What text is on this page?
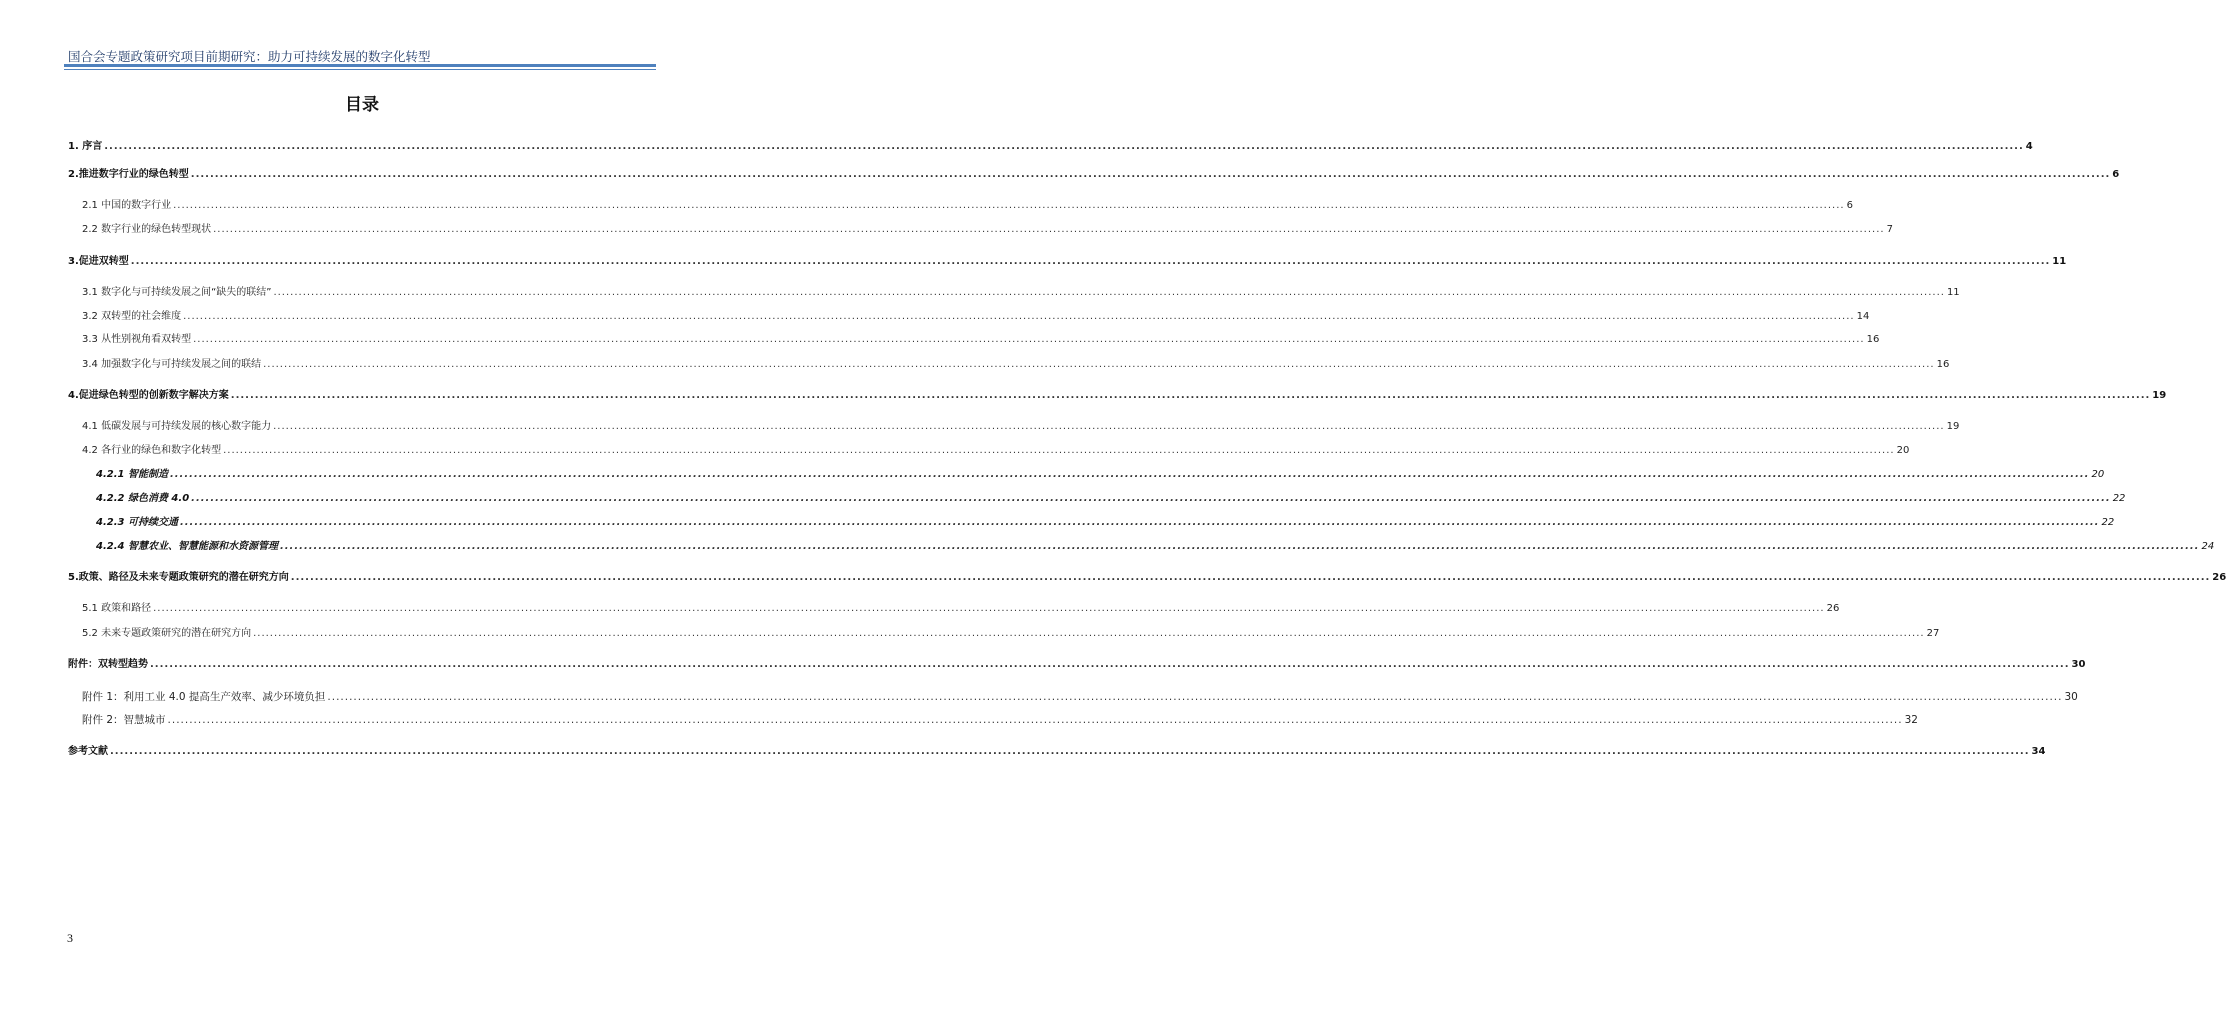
国合会专题政策研究项目前期研究：助力可持续发展的数字化转型
目录
1. 序言 ................................................................................................................................................................................................................................................................................................................................................................................................................ 4
2.推进数字行业的绿色转型 ................................................................................................................................................................................................................................................................................................................................................................................................................ 6
2.1 中国的数字行业 ................................................................................................................................................................................................................................................................................................................................................................................................................ 6
2.2 数字行业的绿色转型现状 ................................................................................................................................................................................................................................................................................................................................................................................................................ 7
3.促进双转型 ................................................................................................................................................................................................................................................................................................................................................................................................................ 11
3.1 数字化与可持续发展之间“缺失的联结” ................................................................................................................................................................................................................................................................................................................................................................................................................ 11
3.2 双转型的社会维度 ................................................................................................................................................................................................................................................................................................................................................................................................................ 14
3.3 从性别视角看双转型 ................................................................................................................................................................................................................................................................................................................................................................................................................ 16
3.4 加强数字化与可持续发展之间的联结 ................................................................................................................................................................................................................................................................................................................................................................................................................ 16
4.促进绿色转型的创新数字解决方案 ................................................................................................................................................................................................................................................................................................................................................................................................................ 19
4.1 低碳发展与可持续发展的核心数字能力 ................................................................................................................................................................................................................................................................................................................................................................................................................ 19
4.2 各行业的绿色和数字化转型 ................................................................................................................................................................................................................................................................................................................................................................................................................ 20
4.2.1 智能制造 ................................................................................................................................................................................................................................................................................................................................................................................................................ 20
4.2.2 绿色消费 4.0 ................................................................................................................................................................................................................................................................................................................................................................................................................ 22
4.2.3 可持续交通 ................................................................................................................................................................................................................................................................................................................................................................................................................ 22
4.2.4 智慧农业、智慧能源和水资源管理 ................................................................................................................................................................................................................................................................................................................................................................................................................ 24
5.政策、路径及未来专题政策研究的潜在研究方向 ................................................................................................................................................................................................................................................................................................................................................................................................................ 26
5.1 政策和路径 ................................................................................................................................................................................................................................................................................................................................................................................................................ 26
5.2 未来专题政策研究的潜在研究方向 ................................................................................................................................................................................................................................................................................................................................................................................................................ 27
附件：双转型趋势 ................................................................................................................................................................................................................................................................................................................................................................................................................ 30
附件 1：利用工业 4.0 提高生产效率、减少环境负担 ................................................................................................................................................................................................................................................................................................................................................................................................................ 30
附件 2：智慧城市 ................................................................................................................................................................................................................................................................................................................................................................................................................ 32
参考文献 ................................................................................................................................................................................................................................................................................................................................................................................................................ 34
3
